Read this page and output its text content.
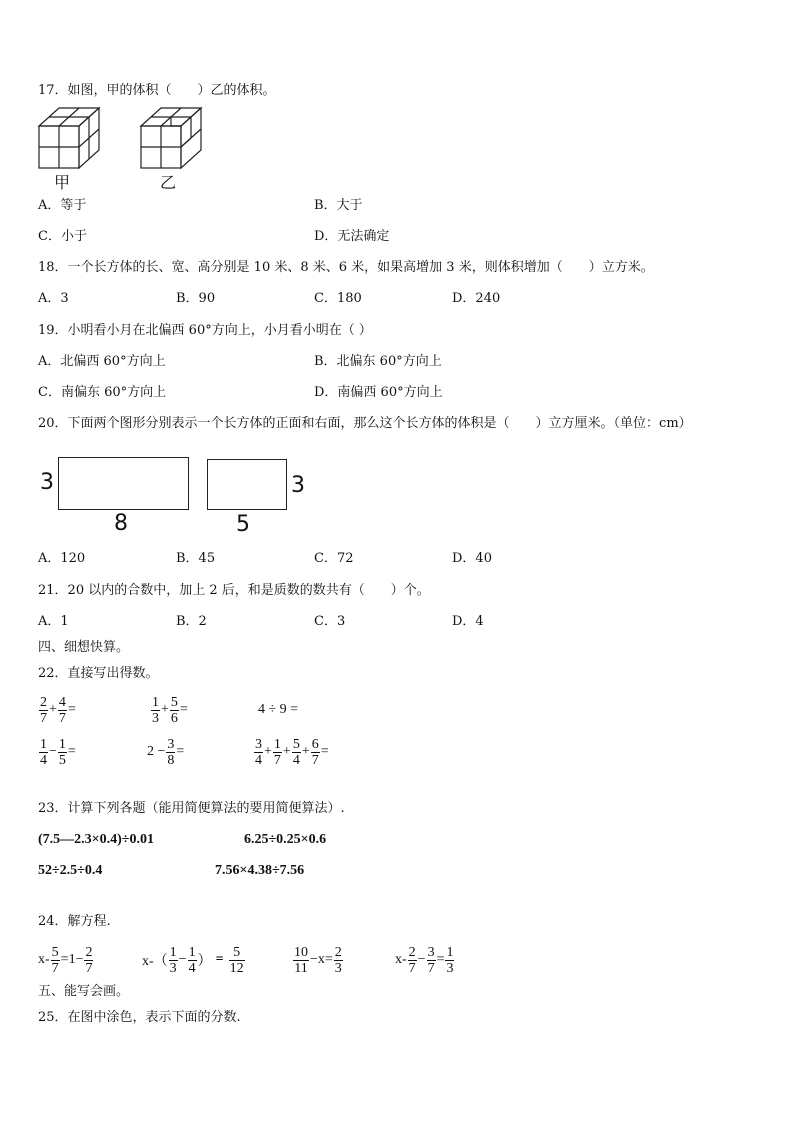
17．如图，甲的体积（　　）乙的体积。
甲	乙
A．等于	B．大于
C．小于	D．无法确定
18．一个长方体的长、宽、高分别是 10 米、8 米、6 米，如果高增加 3 米，则体积增加（　　）立方米。
A．3	B．90	C．180	D．240
19．小明看小月在北偏西 60°方向上，小月看小明在（ ）
A．北偏西 60°方向上	B．北偏东 60°方向上
C．南偏东 60°方向上	D．南偏西 60°方向上
20．下面两个图形分别表示一个长方体的正面和右面，那么这个长方体的体积是（　　）立方厘米。（单位：cm）
3
8
3
5
A．120	B．45	C．72	D．40
21．20 以内的合数中，加上 2 后，和是质数的数共有（　　）个。
A．1	B．2	C．3	D．4
四、细想快算。
22．直接写出得数。
$\frac{2}{7} + \frac{4}{7}$ =	$\frac{1}{3} + \frac{5}{6}$ =	4 ÷ 9 =
$\frac{1}{4} - \frac{1}{5}$ =	$2 - \frac{3}{8}$ =	$\frac{3}{4} + \frac{1}{7} + \frac{5}{4} + \frac{6}{7}$ =
23．计算下列各题（能用简便算法的要用简便算法）.
(7.5—2.3×0.4)÷0.01	6.25÷0.25×0.6
52÷2.5÷0.4	7.56×4.38÷7.56
24．解方程.
$x- \frac{5}{7} =1- \frac{2}{7}$	$x-( \frac{1}{3} - \frac{1}{4}$ ） = $\frac{5}{12}$	$\frac{10}{11} -x= \frac{2}{3}$	$x- \frac{2}{7} - \frac{3}{7} = \frac{1}{3}$
五、能写会画。
25．在图中涂色，表示下面的分数.
